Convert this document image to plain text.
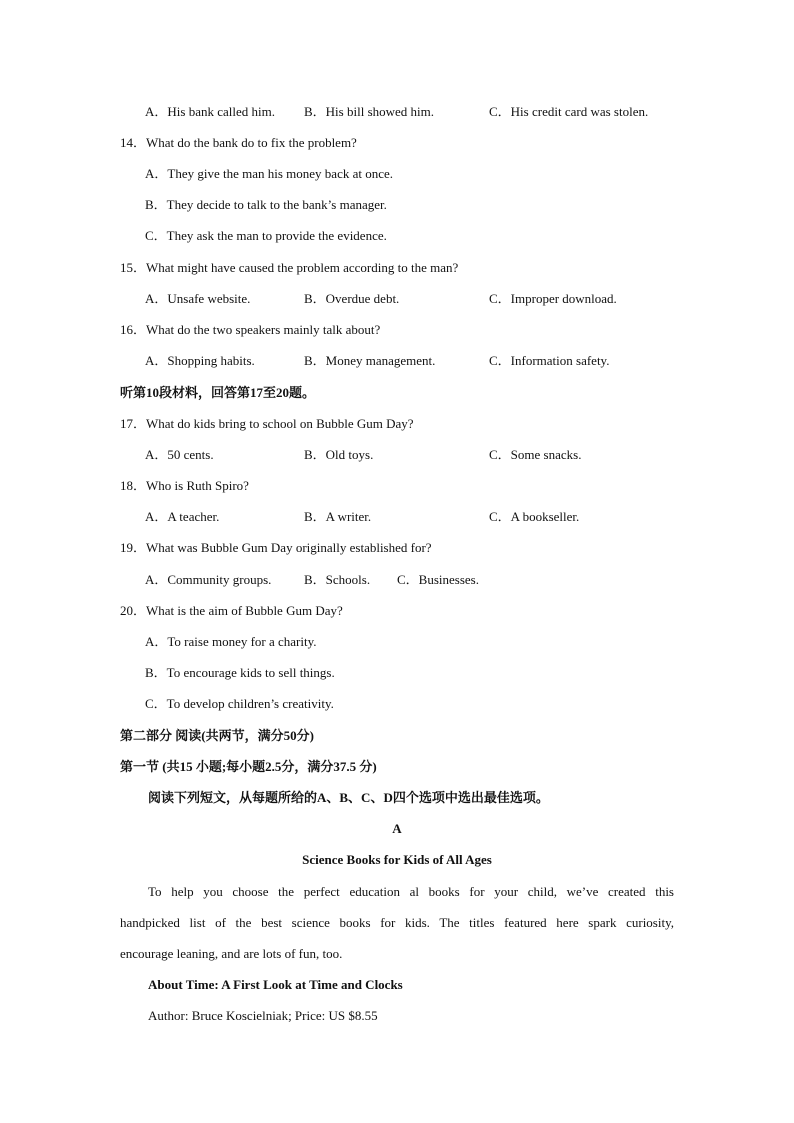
A．His bank called him. B．His bill showed him.	C．His credit card was stolen.
14．What do the bank do to fix the problem?
A．They give the man his money back at once.
B．They decide to talk to the bank’s manager.
C．They ask the man to provide the evidence.
15．What might have caused the problem according to the man?
A．Unsafe website.	B．Overdue debt.	C．Improper download.
16．What do the two speakers mainly talk about?
A．Shopping habits.	B．Money management.	C．Information safety.
听第10段材料，回答第17至20题。
17．What do kids bring to school on Bubble Gum Day?
A．50 cents.	B．Old toys.	C．Some snacks.
18．Who is Ruth Spiro?
A．A teacher.	B．A writer.	C．A bookseller.
19．What was Bubble Gum Day originally established for?
A．Community groups.	B．Schools. C．Businesses.
20．What is the aim of Bubble Gum Day?
A．To raise money for a charity.
B．To encourage kids to sell things.
C．To develop children’s creativity.
第二部分 阅读(共两节，满分50分)
第一节 (共15 小题;每小题2.5分，满分37.5 分)
阅读下列短文，从每题所给的A、B、C、D四个选项中选出最佳选项。
A
Science Books for Kids of All Ages
To help you choose the perfect education al books for your child, we’ve created this
handpicked list of the best science books for kids. The titles featured here spark curiosity,
encourage leaning, and are lots of fun, too.
About Time: A First Look at Time and Clocks
Author: Bruce Koscielniak; Price: US $8.55
